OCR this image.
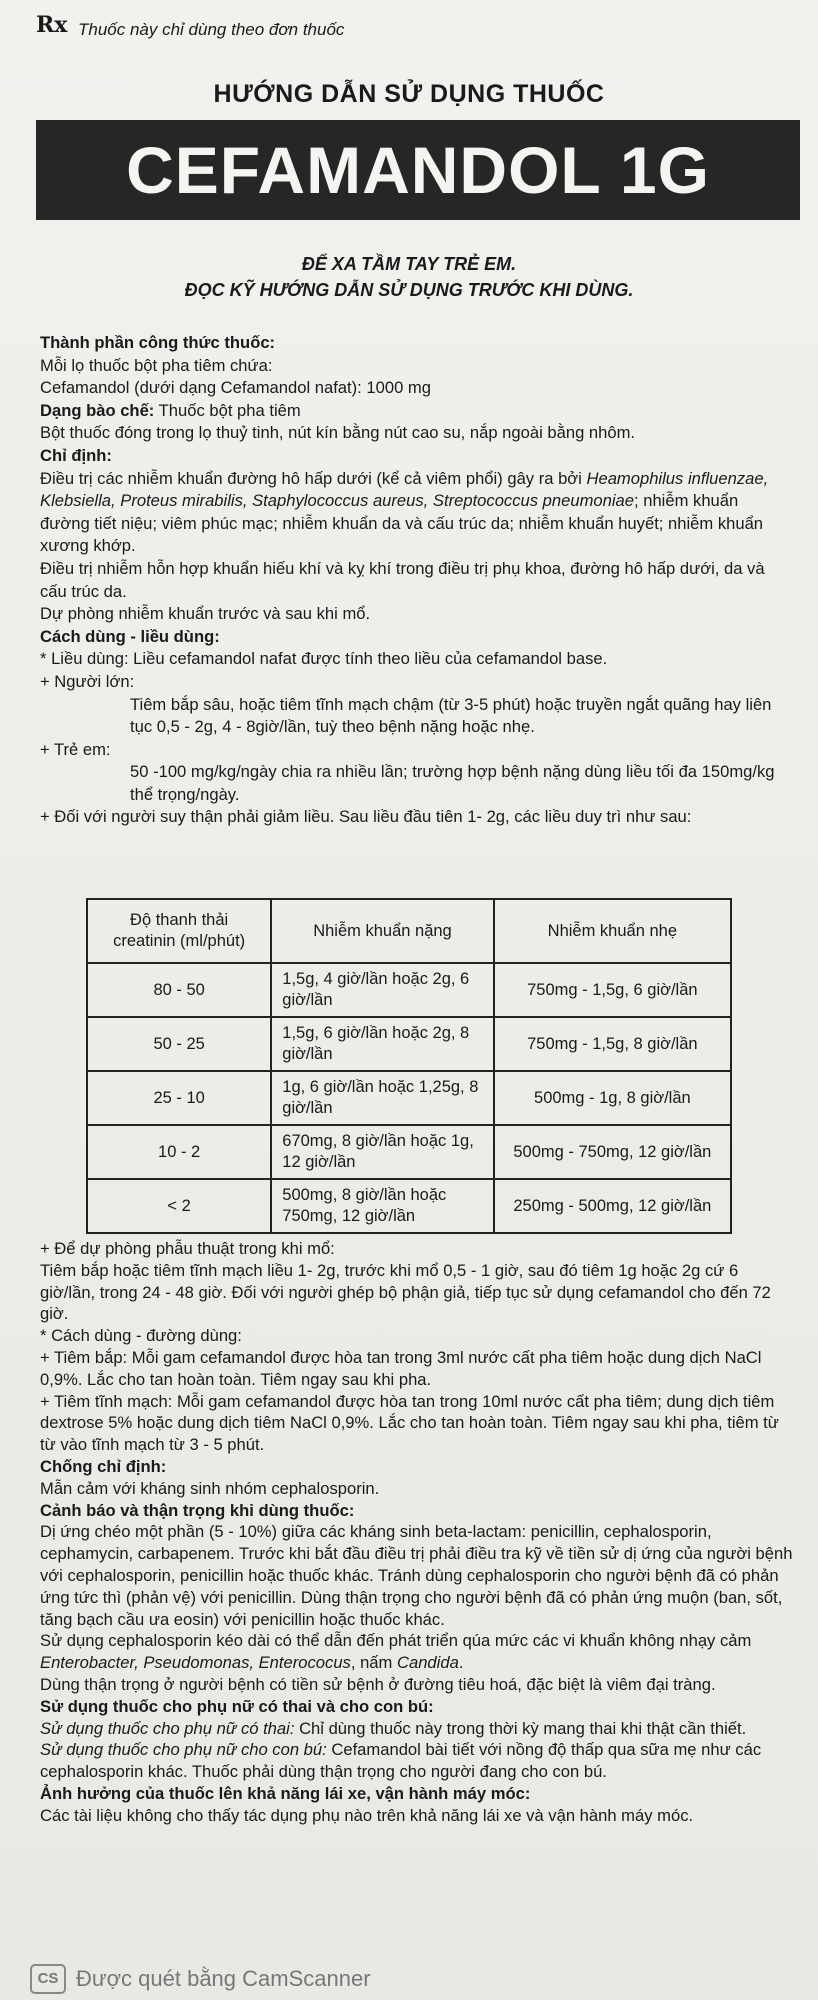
Rx Thuốc này chỉ dùng theo đơn thuốc
HƯỚNG DẪN SỬ DỤNG THUỐC
CEFAMANDOL 1G
ĐỂ XA TẦM TAY TRẺ EM.
ĐỌC KỸ HƯỚNG DẪN SỬ DỤNG TRƯỚC KHI DÙNG.

Thành phần công thức thuốc:

Mỗi lọ thuốc bột pha tiêm chứa:

Cefamandol (dưới dạng Cefamandol nafat): 1000 mg

Dạng bào chế: Thuốc bột pha tiêm

Bột thuốc đóng trong lọ thuỷ tinh, nút kín bằng nút cao su, nắp ngoài bằng nhôm.

Chỉ định:

Điều trị các nhiễm khuẩn đường hô hấp dưới (kể cả viêm phổi) gây ra bởi Heamophilus influenzae, Klebsiella, Proteus mirabilis, Staphylococcus aureus, Streptococcus pneumoniae; nhiễm khuẩn đường tiết niệu; viêm phúc mạc; nhiễm khuẩn da và cấu trúc da; nhiễm khuẩn huyết; nhiễm khuẩn xương khớp.

Điều trị nhiễm hỗn hợp khuẩn hiếu khí và kỵ khí trong điều trị phụ khoa, đường hô hấp dưới, da và cấu trúc da.

Dự phòng nhiễm khuẩn trước và sau khi mổ.

Cách dùng - liều dùng:

* Liều dùng: Liều cefamandol nafat được tính theo liều của cefamandol base.

+ Người lớn:

Tiêm bắp sâu, hoặc tiêm tĩnh mạch chậm (từ 3-5 phút) hoặc truyền ngắt quãng hay liên tục 0,5 - 2g, 4 - 8giờ/lần, tuỳ theo bệnh nặng hoặc nhẹ.

+ Trẻ em:

50 -100 mg/kg/ngày chia ra nhiều lần; trường hợp bệnh nặng dùng liều tối đa 150mg/kg thể trọng/ngày.

+ Đối với người suy thận phải giảm liều. Sau liều đầu tiên 1- 2g, các liều duy trì như sau:

Độ thanh thải creatinin (ml/phút)	Nhiễm khuẩn nặng	Nhiễm khuẩn nhẹ
80 - 50	1,5g, 4 giờ/lần hoặc 2g, 6 giờ/lần	750mg - 1,5g, 6 giờ/lần
50 - 25	1,5g, 6 giờ/lần hoặc 2g, 8 giờ/lần	750mg - 1,5g, 8 giờ/lần
25 - 10	1g, 6 giờ/lần hoặc 1,25g, 8 giờ/lần	500mg - 1g, 8 giờ/lần
10 - 2	670mg, 8 giờ/lần hoặc 1g, 12 giờ/lần	500mg - 750mg, 12 giờ/lần
< 2	500mg, 8 giờ/lần hoặc 750mg, 12 giờ/lần	250mg - 500mg, 12 giờ/lần

+ Để dự phòng phẫu thuật trong khi mổ:

Tiêm bắp hoặc tiêm tĩnh mạch liều 1- 2g, trước khi mổ 0,5 - 1 giờ, sau đó tiêm 1g hoặc 2g cứ 6 giờ/lần, trong 24 - 48 giờ. Đối với người ghép bộ phận giả, tiếp tục sử dụng cefamandol cho đến 72 giờ.

* Cách dùng - đường dùng:

+ Tiêm bắp: Mỗi gam cefamandol được hòa tan trong 3ml nước cất pha tiêm hoặc dung dịch NaCl 0,9%. Lắc cho tan hoàn toàn. Tiêm ngay sau khi pha.

+ Tiêm tĩnh mạch: Mỗi gam cefamandol được hòa tan trong 10ml nước cất pha tiêm; dung dịch tiêm dextrose 5% hoặc dung dịch tiêm NaCl 0,9%. Lắc cho tan hoàn toàn. Tiêm ngay sau khi pha, tiêm từ từ vào tĩnh mạch từ 3 - 5 phút.

Chống chỉ định:

Mẫn cảm với kháng sinh nhóm cephalosporin.

Cảnh báo và thận trọng khi dùng thuốc:

Dị ứng chéo một phần (5 - 10%) giữa các kháng sinh beta-lactam: penicillin, cephalosporin, cephamycin, carbapenem. Trước khi bắt đầu điều trị phải điều tra kỹ về tiền sử dị ứng của người bệnh với cephalosporin, penicillin hoặc thuốc khác. Tránh dùng cephalosporin cho người bệnh đã có phản ứng tức thì (phản vệ) với penicillin. Dùng thận trọng cho người bệnh đã có phản ứng muộn (ban, sốt, tăng bạch cầu ưa eosin) với penicillin hoặc thuốc khác.

Sử dụng cephalosporin kéo dài có thể dẫn đến phát triển qúa mức các vi khuẩn không nhạy cảm Enterobacter, Pseudomonas, Enterococus, nấm Candida.

Dùng thận trọng ở người bệnh có tiền sử bệnh ở đường tiêu hoá, đặc biệt là viêm đại tràng.

Sử dụng thuốc cho phụ nữ có thai và cho con bú:

Sử dụng thuốc cho phụ nữ có thai: Chỉ dùng thuốc này trong thời kỳ mang thai khi thật cần thiết.

Sử dụng thuốc cho phụ nữ cho con bú: Cefamandol bài tiết với nồng độ thấp qua sữa mẹ như các cephalosporin khác. Thuốc phải dùng thận trọng cho người đang cho con bú.

Ảnh hưởng của thuốc lên khả năng lái xe, vận hành máy móc:

Các tài liệu không cho thấy tác dụng phụ nào trên khả năng lái xe và vận hành máy móc.

CS Được quét bằng CamScanner
